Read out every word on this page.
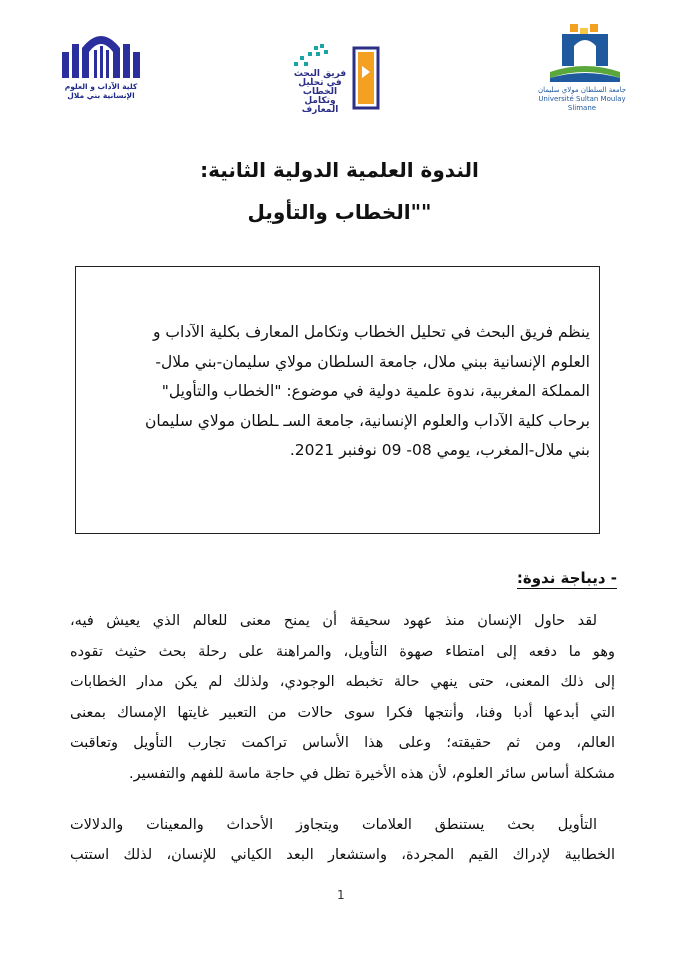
كلية الآداب و العلوم الإنسانية بني ملال
فريق البحث في تحليل الخطاب وتكامل المعارف
جامعة السلطان مولاي سليمان Université Sultan Moulay Slimane
الندوة العلمية الدولية الثانية:
""الخطاب والتأويل
ينظم فريق البحث في تحليل الخطاب وتكامل المعارف بكلية الآداب و
العلوم الإنسانية ببني ملال، جامعة السلطان مولاي سليمان-بني ملال-
المملكة المغربية، ندوة علمية دولية في موضوع: "الخطاب والتأويل"
برحاب كلية الآداب والعلوم الإنسانية، جامعة السـ ـلطان مولاي سليمان
بني ملال-المغرب، يومي 08- 09 نوفنبر 2021.
- ديباجة ندوة:
لقد حاول الإنسان منذ عهود سحيقة أن يمنح معنى للعالم الذي يعيش فيه،
وهو ما دفعه إلى امتطاء صهوة التأويل، والمراهنة على رحلة بحث حثيث تقوده
إلى ذلك المعنى، حتى ينهي حالة تخبطه الوجودي، ولذلك لم يكن مدار الخطابات
التي أبدعها أدبا وفنا، وأنتجها فكرا سوى حالات من التعبير غايتها الإمساك بمعنى
العالم، ومن ثم حقيقته؛ وعلى هذا الأساس تراكمت تجارب التأويل وتعاقبت
مشكلة أساس سائر العلوم، لأن هذه الأخيرة تظل في حاجة ماسة للفهم والتفسير.
التأويل بحث يستنطق العلامات ويتجاوز الأحداث والمعينات والدلالات
الخطابية لإدراك القيم المجردة، واستشعار البعد الكياني للإنسان، لذلك استتب
1
